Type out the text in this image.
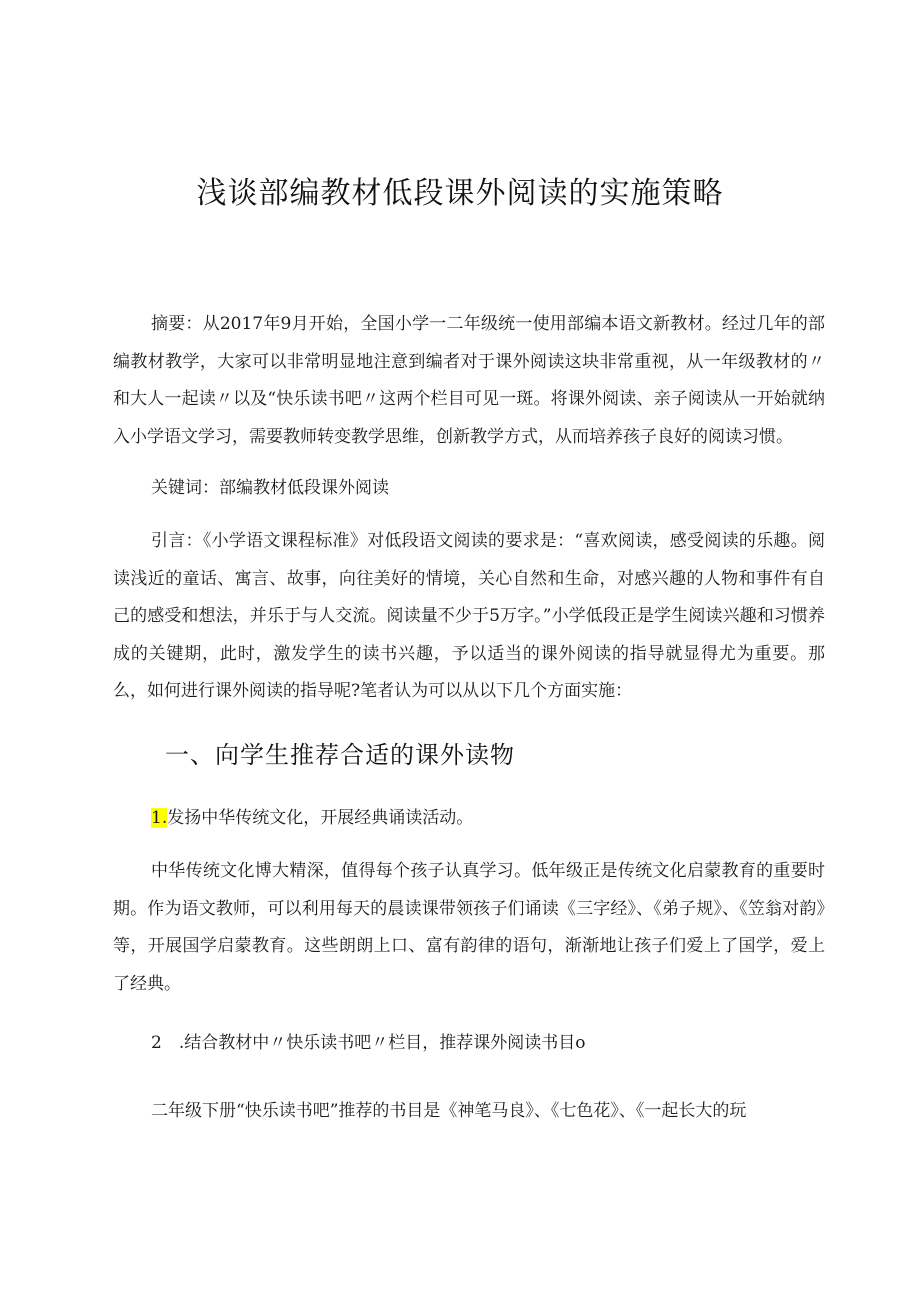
浅谈部编教材低段课外阅读的实施策略

摘要：从2017年9月开始，全国小学一二年级统一使用部编本语文新教材。经过几年的部编教材教学，大家可以非常明显地注意到编者对于课外阅读这块非常重视，从一年级教材的〃和大人一起读〃以及“快乐读书吧〃这两个栏目可见一斑。将课外阅读、亲子阅读从一开始就纳入小学语文学习，需要教师转变教学思维，创新教学方式，从而培养孩子良好的阅读习惯。

关键词：部编教材低段课外阅读

引言：《小学语文课程标准》对低段语文阅读的要求是：“喜欢阅读，感受阅读的乐趣。阅读浅近的童话、寓言、故事，向往美好的情境，关心自然和生命，对感兴趣的人物和事件有自己的感受和想法，并乐于与人交流。阅读量不少于5万字。”小学低段正是学生阅读兴趣和习惯养成的关键期，此时，激发学生的读书兴趣，予以适当的课外阅读的指导就显得尤为重要。那么，如何进行课外阅读的指导呢?笔者认为可以从以下几个方面实施：

一、向学生推荐合适的课外读物
1.发扬中华传统文化，开展经典诵读活动。

中华传统文化博大精深，值得每个孩子认真学习。低年级正是传统文化启蒙教育的重要时期。作为语文教师，可以利用每天的晨读课带领孩子们诵读《三字经》、《弟子规》、《笠翁对韵》等，开展国学启蒙教育。这些朗朗上口、富有韵律的语句，渐渐地让孩子们爱上了国学，爱上了经典。

2　.结合教材中〃快乐读书吧〃栏目，推荐课外阅读书目o

二年级下册“快乐读书吧”推荐的书目是《神笔马良》、《七色花》、《一起长大的玩
